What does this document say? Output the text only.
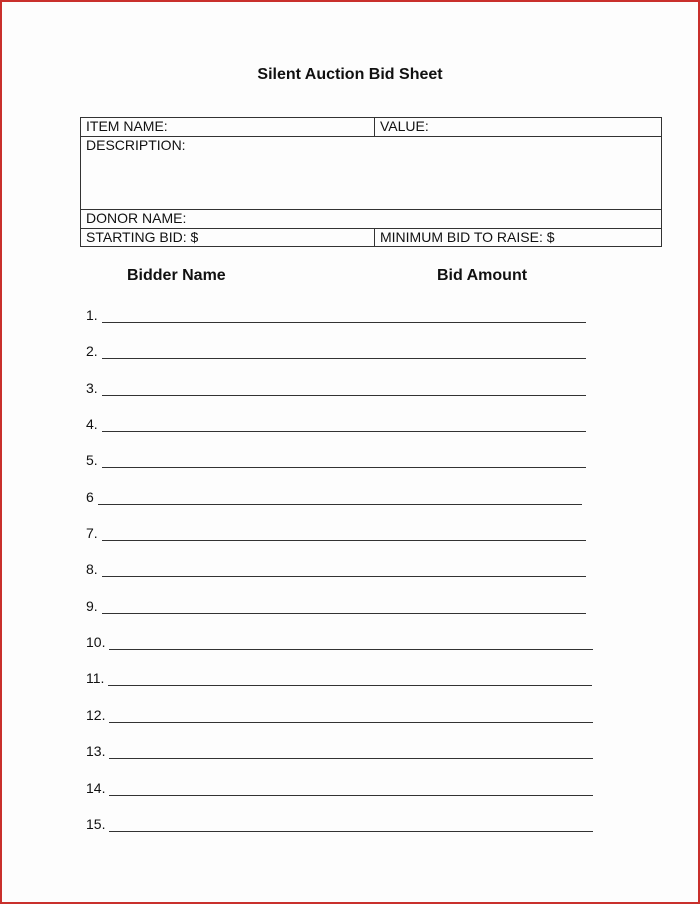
Silent Auction Bid Sheet
ITEM NAME:	VALUE:
DESCRIPTION:	
DONOR NAME:	
STARTING BID: $	MINIMUM BID TO RAISE: $
Bidder Name	Bid Amount
1.
2.
3.
4.
5.
6
7.
8.
9.
10.
11.
12.
13.
14.
15.
